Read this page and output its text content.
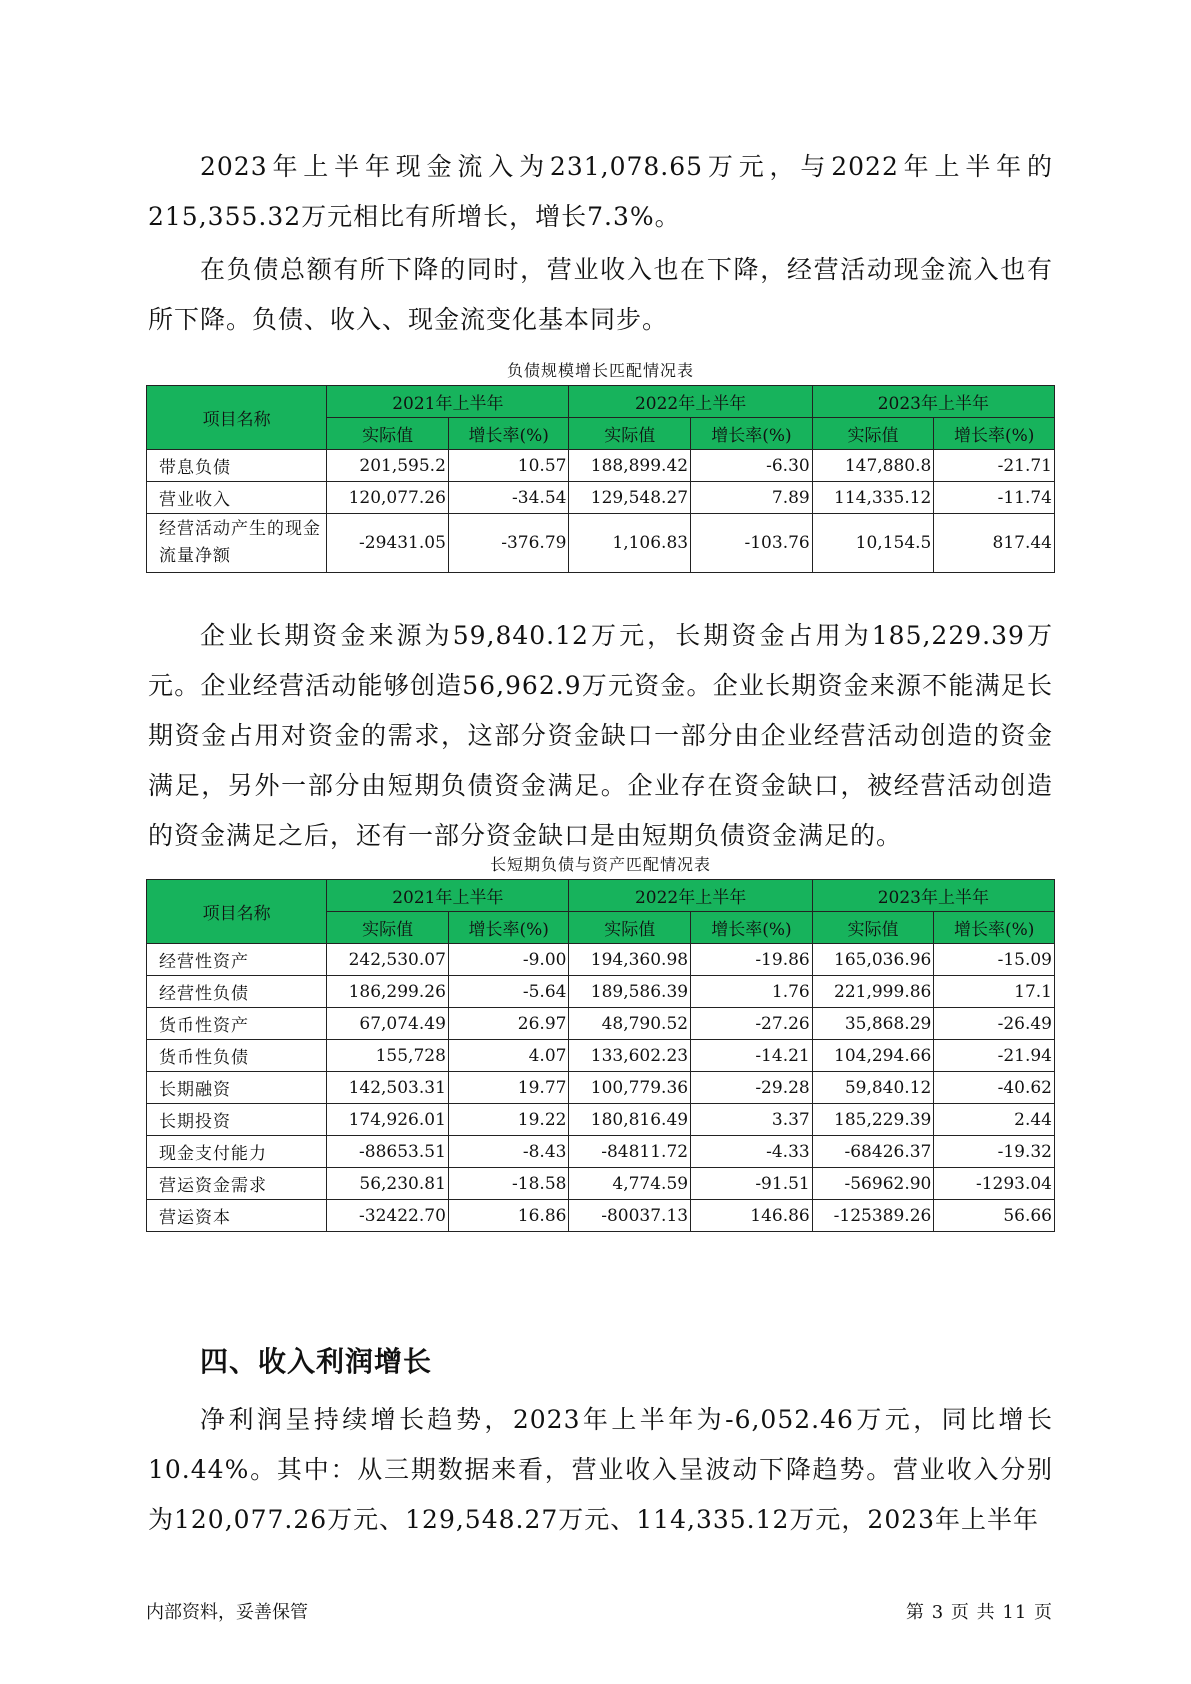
2023年上半年现金流入为231,078.65万元，与2022年上半年的215,355.32万元相比有所增长，增长7.3%。

在负债总额有所下降的同时，营业收入也在下降，经营活动现金流入也有所下降。负债、收入、现金流变化基本同步。

负债规模增长匹配情况表
项目名称	2021年上半年		2022年上半年		2023年上半年	
	实际值	增长率(%)	实际值	增长率(%)	实际值	增长率(%)
带息负债	201,595.2	10.57	188,899.42	-6.30	147,880.8	-21.71
营业收入	120,077.26	-34.54	129,548.27	7.89	114,335.12	-11.74
经营活动产生的现金流量净额	-29431.05	-376.79	1,106.83	-103.76	10,154.5	817.44

企业长期资金来源为59,840.12万元，长期资金占用为185,229.39万元。企业经营活动能够创造56,962.9万元资金。企业长期资金来源不能满足长期资金占用对资金的需求，这部分资金缺口一部分由企业经营活动创造的资金满足，另外一部分由短期负债资金满足。企业存在资金缺口，被经营活动创造的资金满足之后，还有一部分资金缺口是由短期负债资金满足的。

长短期负债与资产匹配情况表
项目名称	2021年上半年		2022年上半年		2023年上半年	
	实际值	增长率(%)	实际值	增长率(%)	实际值	增长率(%)
经营性资产	242,530.07	-9.00	194,360.98	-19.86	165,036.96	-15.09
经营性负债	186,299.26	-5.64	189,586.39	1.76	221,999.86	17.1
货币性资产	67,074.49	26.97	48,790.52	-27.26	35,868.29	-26.49
货币性负债	155,728	4.07	133,602.23	-14.21	104,294.66	-21.94
长期融资	142,503.31	19.77	100,779.36	-29.28	59,840.12	-40.62
长期投资	174,926.01	19.22	180,816.49	3.37	185,229.39	2.44
现金支付能力	-88653.51	-8.43	-84811.72	-4.33	-68426.37	-19.32
营运资金需求	56,230.81	-18.58	4,774.59	-91.51	-56962.90	-1293.04
营运资本	-32422.70	16.86	-80037.13	146.86	-125389.26	56.66
四、收入利润增长

净利润呈持续增长趋势，2023年上半年为-6,052.46万元，同比增长10.44%。其中：从三期数据来看，营业收入呈波动下降趋势。营业收入分别为120,077.26万元、129,548.27万元、114,335.12万元，2023年上半年

内部资料，妥善保管	第 3 页 共 11 页
